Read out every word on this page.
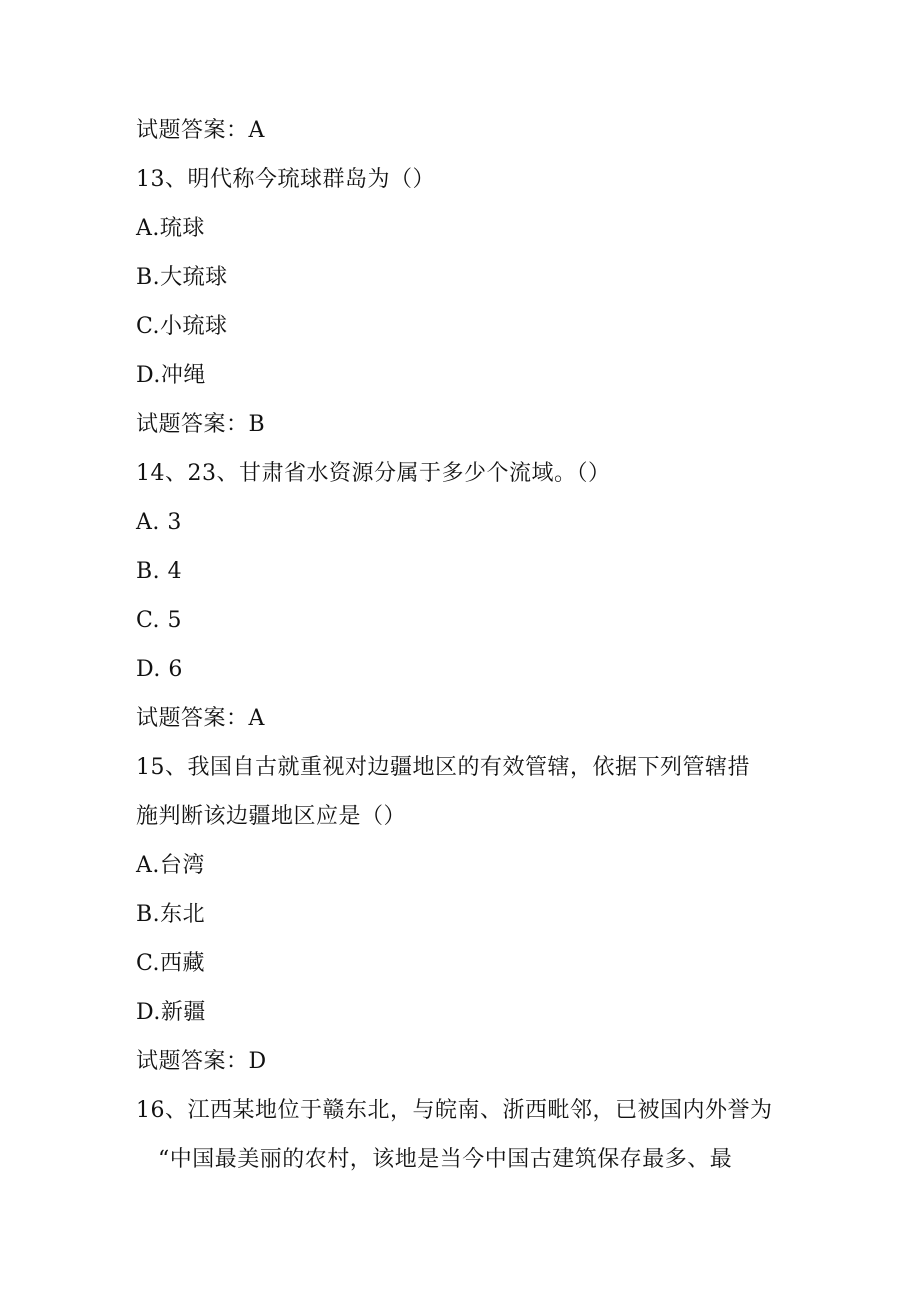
试题答案：A
13、明代称今琉球群岛为（）
A.琉球
B.大琉球
C.小琉球
D.冲绳
试题答案：B
14、23、甘肃省水资源分属于多少个流域。（）
A. 3
B. 4
C. 5
D. 6
试题答案：A
15、我国自古就重视对边疆地区的有效管辖，依据下列管辖措
施判断该边疆地区应是（）
A.台湾
B.东北
C.西藏
D.新疆
试题答案：D
16、江西某地位于赣东北，与皖南、浙西毗邻，已被国内外誉为
“中国最美丽的农村，该地是当今中国古建筑保存最多、最
